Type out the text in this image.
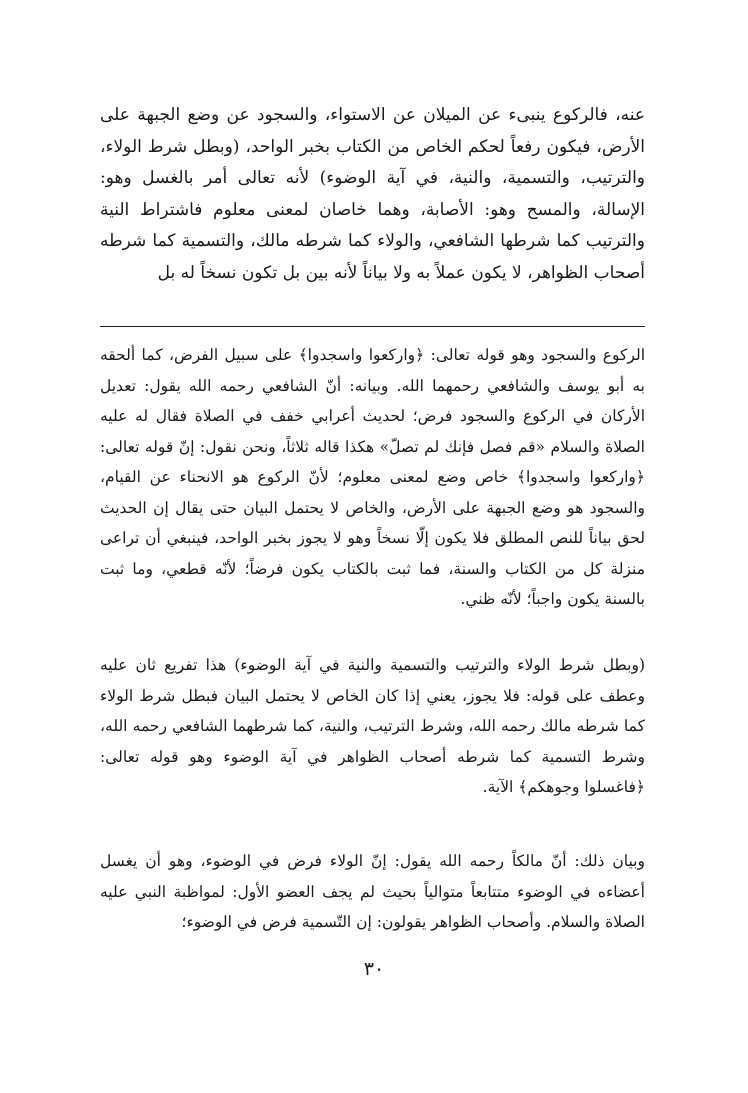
عنه، فالركوع ينبىء عن الميلان عن الاستواء، والسجود عن وضع الجبهة على الأرض، فيكون رفعاً لحكم الخاص من الكتاب بخبر الواحد، (وبطل شرط الولاء، والترتيب، والتسمية، والنية، في آية الوضوء) لأنه تعالى أمر بالغسل وهو: الإسالة، والمسح وهو: الأصابة، وهما خاصان لمعنى معلوم فاشتراط النية والترتيب كما شرطها الشافعي، والولاء كما شرطه مالك، والتسمية كما شرطه أصحاب الظواهر، لا يكون عملاً به ولا بياناً لأنه بين بل تكون نسخاً له بل

الركوع والسجود وهو قوله تعالى: ﴿واركعوا واسجدوا﴾ على سبيل الفرض، كما ألحقه به أبو يوسف والشافعي رحمهما الله. وبيانه: أنّ الشافعي رحمه الله يقول: تعديل الأركان في الركوع والسجود فرض؛ لحديث أعرابي خفف في الصلاة فقال له عليه الصلاة والسلام «قم فصل فإنك لم تصلّ» هكذا قاله ثلاثاً، ونحن نقول: إنّ قوله تعالى: ﴿واركعوا واسجدوا﴾ خاص وضع لمعنى معلوم؛ لأنّ الركوع هو الانحناء عن القيام، والسجود هو وضع الجبهة على الأرض، والخاص لا يحتمل البيان حتى يقال إن الحديث لحق بياناً للنص المطلق فلا يكون إلّا نسخاً وهو لا يجوز بخبر الواحد، فينبغي أن تراعى منزلة كل من الكتاب والسنة، فما ثبت بالكتاب يكون فرضاً؛ لأنّه قطعي، وما ثبت بالسنة يكون واجباً؛ لأنّه ظني.

(وبطل شرط الولاء والترتيب والتسمية والنية في آية الوضوء) هذا تفريع ثان عليه وعطف على قوله: فلا يجوز، يعني إذا كان الخاص لا يحتمل البيان فبطل شرط الولاء كما شرطه مالك رحمه الله، وشرط الترتيب، والنية، كما شرطهما الشافعي رحمه الله، وشرط التسمية كما شرطه أصحاب الظواهر في آية الوضوء وهو قوله تعالى: ﴿فاغسلوا وجوهكم﴾ الآية.

وبيان ذلك: أنّ مالكاً رحمه الله يقول: إنّ الولاء فرض في الوضوء، وهو أن يغسل أعضاءه في الوضوء متتابعاً متوالياً بحيث لم يجف العضو الأول: لمواظبة النبي عليه الصلاة والسلام. وأصحاب الظواهر يقولون: إن التّسمية فرض في الوضوء؛

٣٠
